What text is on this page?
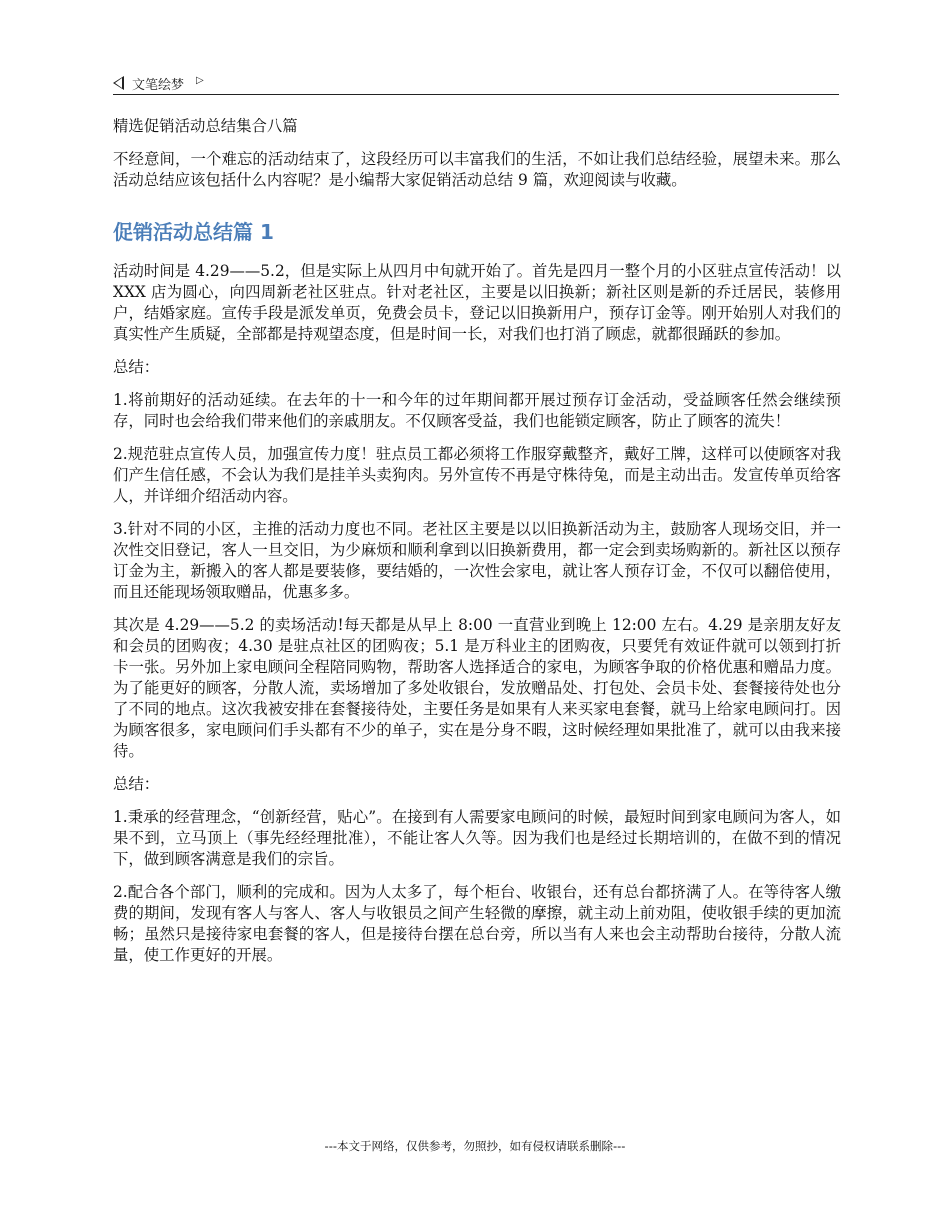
文笔绘梦 ▷
精选促销活动总结集合八篇

不经意间，一个难忘的活动结束了，这段经历可以丰富我们的生活，不如让我们总结经验，展望未来。那么活动总结应该包括什么内容呢？是小编帮大家促销活动总结 9 篇，欢迎阅读与收藏。

促销活动总结篇 1

活动时间是 4.29——5.2，但是实际上从四月中旬就开始了。首先是四月一整个月的小区驻点宣传活动！以 XXX 店为圆心，向四周新老社区驻点。针对老社区，主要是以旧换新；新社区则是新的乔迁居民，装修用户，结婚家庭。宣传手段是派发单页，免费会员卡，登记以旧换新用户，预存订金等。刚开始别人对我们的真实性产生质疑，全部都是持观望态度，但是时间一长，对我们也打消了顾虑，就都很踊跃的参加。

总结：

1.将前期好的活动延续。在去年的十一和今年的过年期间都开展过预存订金活动，受益顾客任然会继续预存，同时也会给我们带来他们的亲戚朋友。不仅顾客受益，我们也能锁定顾客，防止了顾客的流失！

2.规范驻点宣传人员，加强宣传力度！驻点员工都必须将工作服穿戴整齐，戴好工牌，这样可以使顾客对我们产生信任感，不会认为我们是挂羊头卖狗肉。另外宣传不再是守株待兔，而是主动出击。发宣传单页给客人，并详细介绍活动内容。

3.针对不同的小区，主推的活动力度也不同。老社区主要是以以旧换新活动为主，鼓励客人现场交旧，并一次性交旧登记，客人一旦交旧，为少麻烦和顺利拿到以旧换新费用，都一定会到卖场购新的。新社区以预存订金为主，新搬入的客人都是要装修，要结婚的，一次性会家电，就让客人预存订金，不仅可以翻倍使用，而且还能现场领取赠品，优惠多多。

其次是 4.29——5.2 的卖场活动!每天都是从早上 8:00 一直营业到晚上 12:00 左右。4.29 是亲朋友好友和会员的团购夜；4.30 是驻点社区的团购夜；5.1 是万科业主的团购夜，只要凭有效证件就可以领到打折卡一张。另外加上家电顾问全程陪同购物，帮助客人选择适合的家电，为顾客争取的价格优惠和赠品力度。为了能更好的顾客，分散人流，卖场增加了多处收银台，发放赠品处、打包处、会员卡处、套餐接待处也分了不同的地点。这次我被安排在套餐接待处，主要任务是如果有人来买家电套餐，就马上给家电顾问打。因为顾客很多，家电顾问们手头都有不少的单子，实在是分身不暇，这时候经理如果批准了，就可以由我来接待。

总结：

1.秉承的经营理念，“创新经营，贴心”。在接到有人需要家电顾问的时候，最短时间到家电顾问为客人，如果不到，立马顶上（事先经经理批准），不能让客人久等。因为我们也是经过长期培训的，在做不到的情况下，做到顾客满意是我们的宗旨。

2.配合各个部门，顺利的完成和。因为人太多了，每个柜台、收银台，还有总台都挤满了人。在等待客人缴费的期间，发现有客人与客人、客人与收银员之间产生轻微的摩擦，就主动上前劝阻，使收银手续的更加流畅；虽然只是接待家电套餐的客人，但是接待台摆在总台旁，所以当有人来也会主动帮助台接待，分散人流量，使工作更好的开展。

---本文于网络，仅供参考，勿照抄，如有侵权请联系删除---
